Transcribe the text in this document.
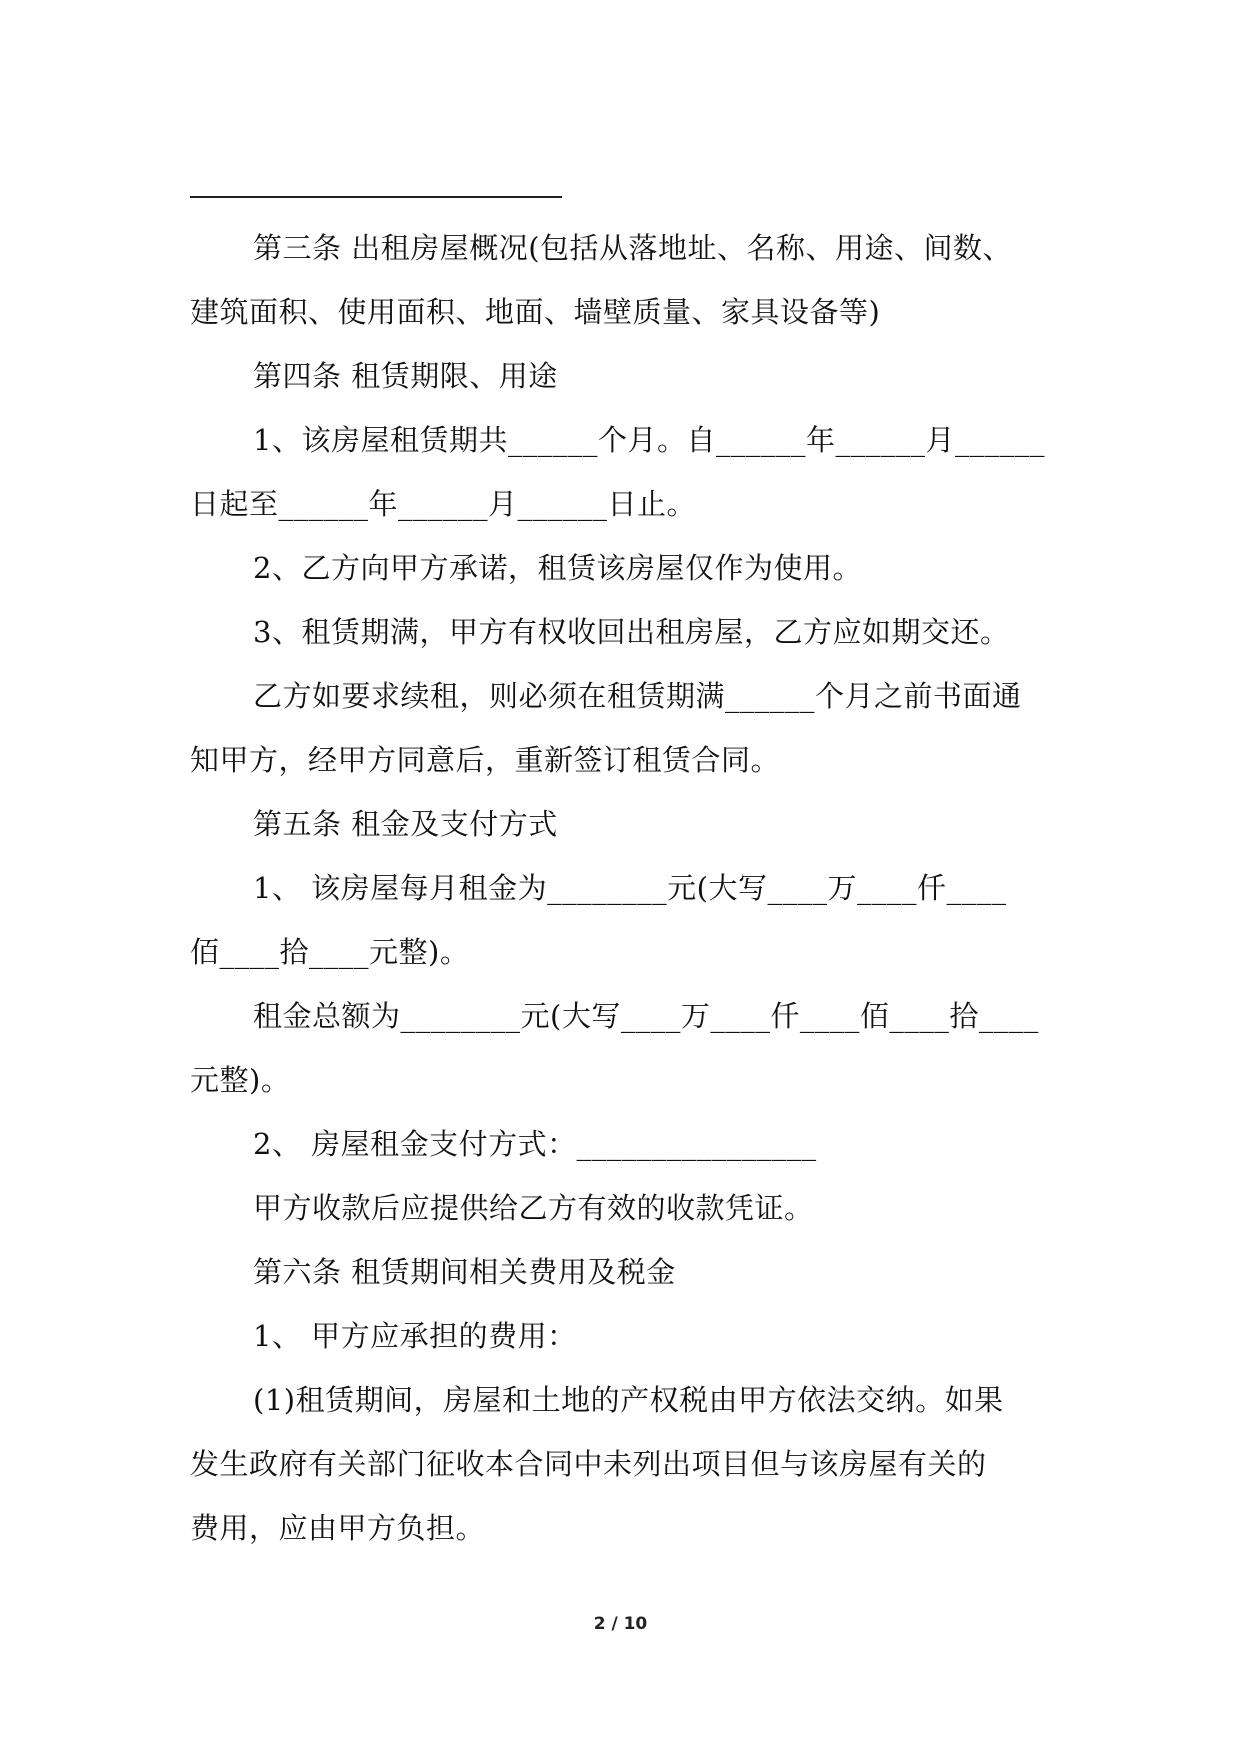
第三条 出租房屋概况(包括从落地址、名称、用途、间数、
建筑面积、使用面积、地面、墙壁质量、家具设备等)
第四条 租赁期限、用途
1、该房屋租赁期共______个月。自______年______月______
日起至______年______月______日止。
2、乙方向甲方承诺，租赁该房屋仅作为使用。
3、租赁期满，甲方有权收回出租房屋，乙方应如期交还。
乙方如要求续租，则必须在租赁期满______个月之前书面通
知甲方，经甲方同意后，重新签订租赁合同。
第五条 租金及支付方式
1、 该房屋每月租金为________元(大写____万____仟____
佰____拾____元整)。
租金总额为________元(大写____万____仟____佰____拾____
元整)。
2、 房屋租金支付方式：________________
甲方收款后应提供给乙方有效的收款凭证。
第六条 租赁期间相关费用及税金
1、 甲方应承担的费用：
(1)租赁期间，房屋和土地的产权税由甲方依法交纳。如果
发生政府有关部门征收本合同中未列出项目但与该房屋有关的
费用，应由甲方负担。
2 / 10
